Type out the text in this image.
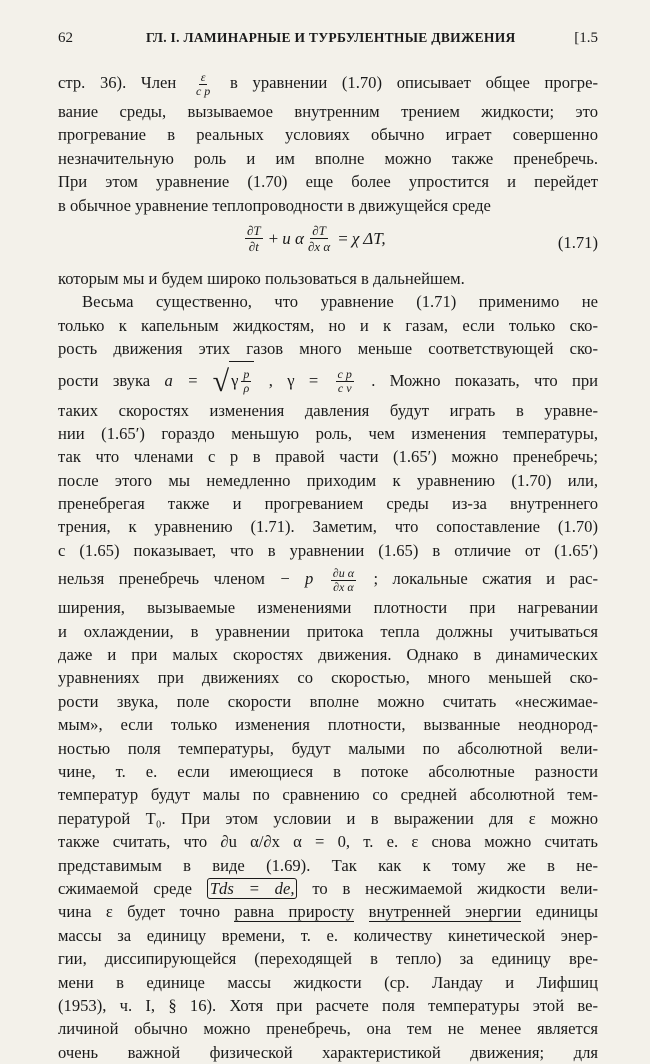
62	ГЛ. I. ЛАМИНАРНЫЕ И ТУРБУЛЕНТНЫЕ ДВИЖЕНИЯ	[1.5
стр. 36). Член $\frac{\varepsilon}{\text{c p}}$ в уравнении (1.70) описывает общее прогре-
вание среды, вызываемое внутренним трением жидкости; это
прогревание в реальных условиях обычно играет совершенно
незначительную роль и им вполне можно также пренебречь.
При этом уравнение (1.70) еще более упростится и перейдет
в обычное уравнение теплопроводности в движущейся среде
$\frac{\partial T}{\partial t} + u$ α $\frac{\partial T}{\text{∂x α}} = \chi$ ΔT,	(1.71)
которым мы и будем широко пользоваться в дальнейшем.
Весьма существенно, что уравнение (1.71) применимо не
только к капельным жидкостям, но и к газам, если только ско-
рость движения этих газов много меньше соответствующей ско-
рости звука a = √ γ $\frac{p}{\rho}$ , $\gamma = \frac{\text{c p}}{\text{c v}}$ . Можно показать, что при
таких скоростях изменения давления будут играть в уравне-
нии (1.65′) гораздо меньшую роль, чем изменения температуры,
так что членами с p в правой части (1.65′) можно пренебречь;
после этого мы немедленно приходим к уравнению (1.70) или,
пренебрегая также и прогреванием среды из-за внутреннего
трения, к уравнению (1.71). Заметим, что сопоставление (1.70)
с (1.65) показывает, что в уравнении (1.65) в отличие от (1.65′)
нельзя пренебречь членом − p $\frac{\text{∂u α}}{\text{∂x α}}$ ; локальные сжатия и рас-
ширения, вызываемые изменениями плотности при нагревании
и охлаждении, в уравнении притока тепла должны учитываться
даже и при малых скоростях движения. Однако в динамических
уравнениях при движениях со скоростью, много меньшей ско-
рости звука, поле скорости вполне можно считать «несжимае-
мым», если только изменения плотности, вызванные неоднород-
ностью поля температуры, будут малыми по абсолютной вели-
чине, т. е. если имеющиеся в потоке абсолютные разности
температур будут малы по сравнению со средней абсолютной тем-
пературой T₀. При этом условии и в выражении для ε можно
также считать, что ∂u α/∂x α = 0, т. е. ε снова можно считать
представимым в виде (1.69). Так как к тому же в не-
сжимаемой среде Tds = de, то в несжимаемой жидкости вели-
чина ε будет точно равна приросту внутренней энергии единицы
массы за единицу времени, т. е. количеству кинетической энер-
гии, диссипирующейся (переходящей в тепло) за единицу вре-
мени в единице массы жидкости (ср. Ландау и Лифшиц
(1953), ч. I, § 16). Хотя при расчете поля температуры этой ве-
личиной обычно можно пренебречь, она тем не менее является
очень важной физической характеристикой движения; для
